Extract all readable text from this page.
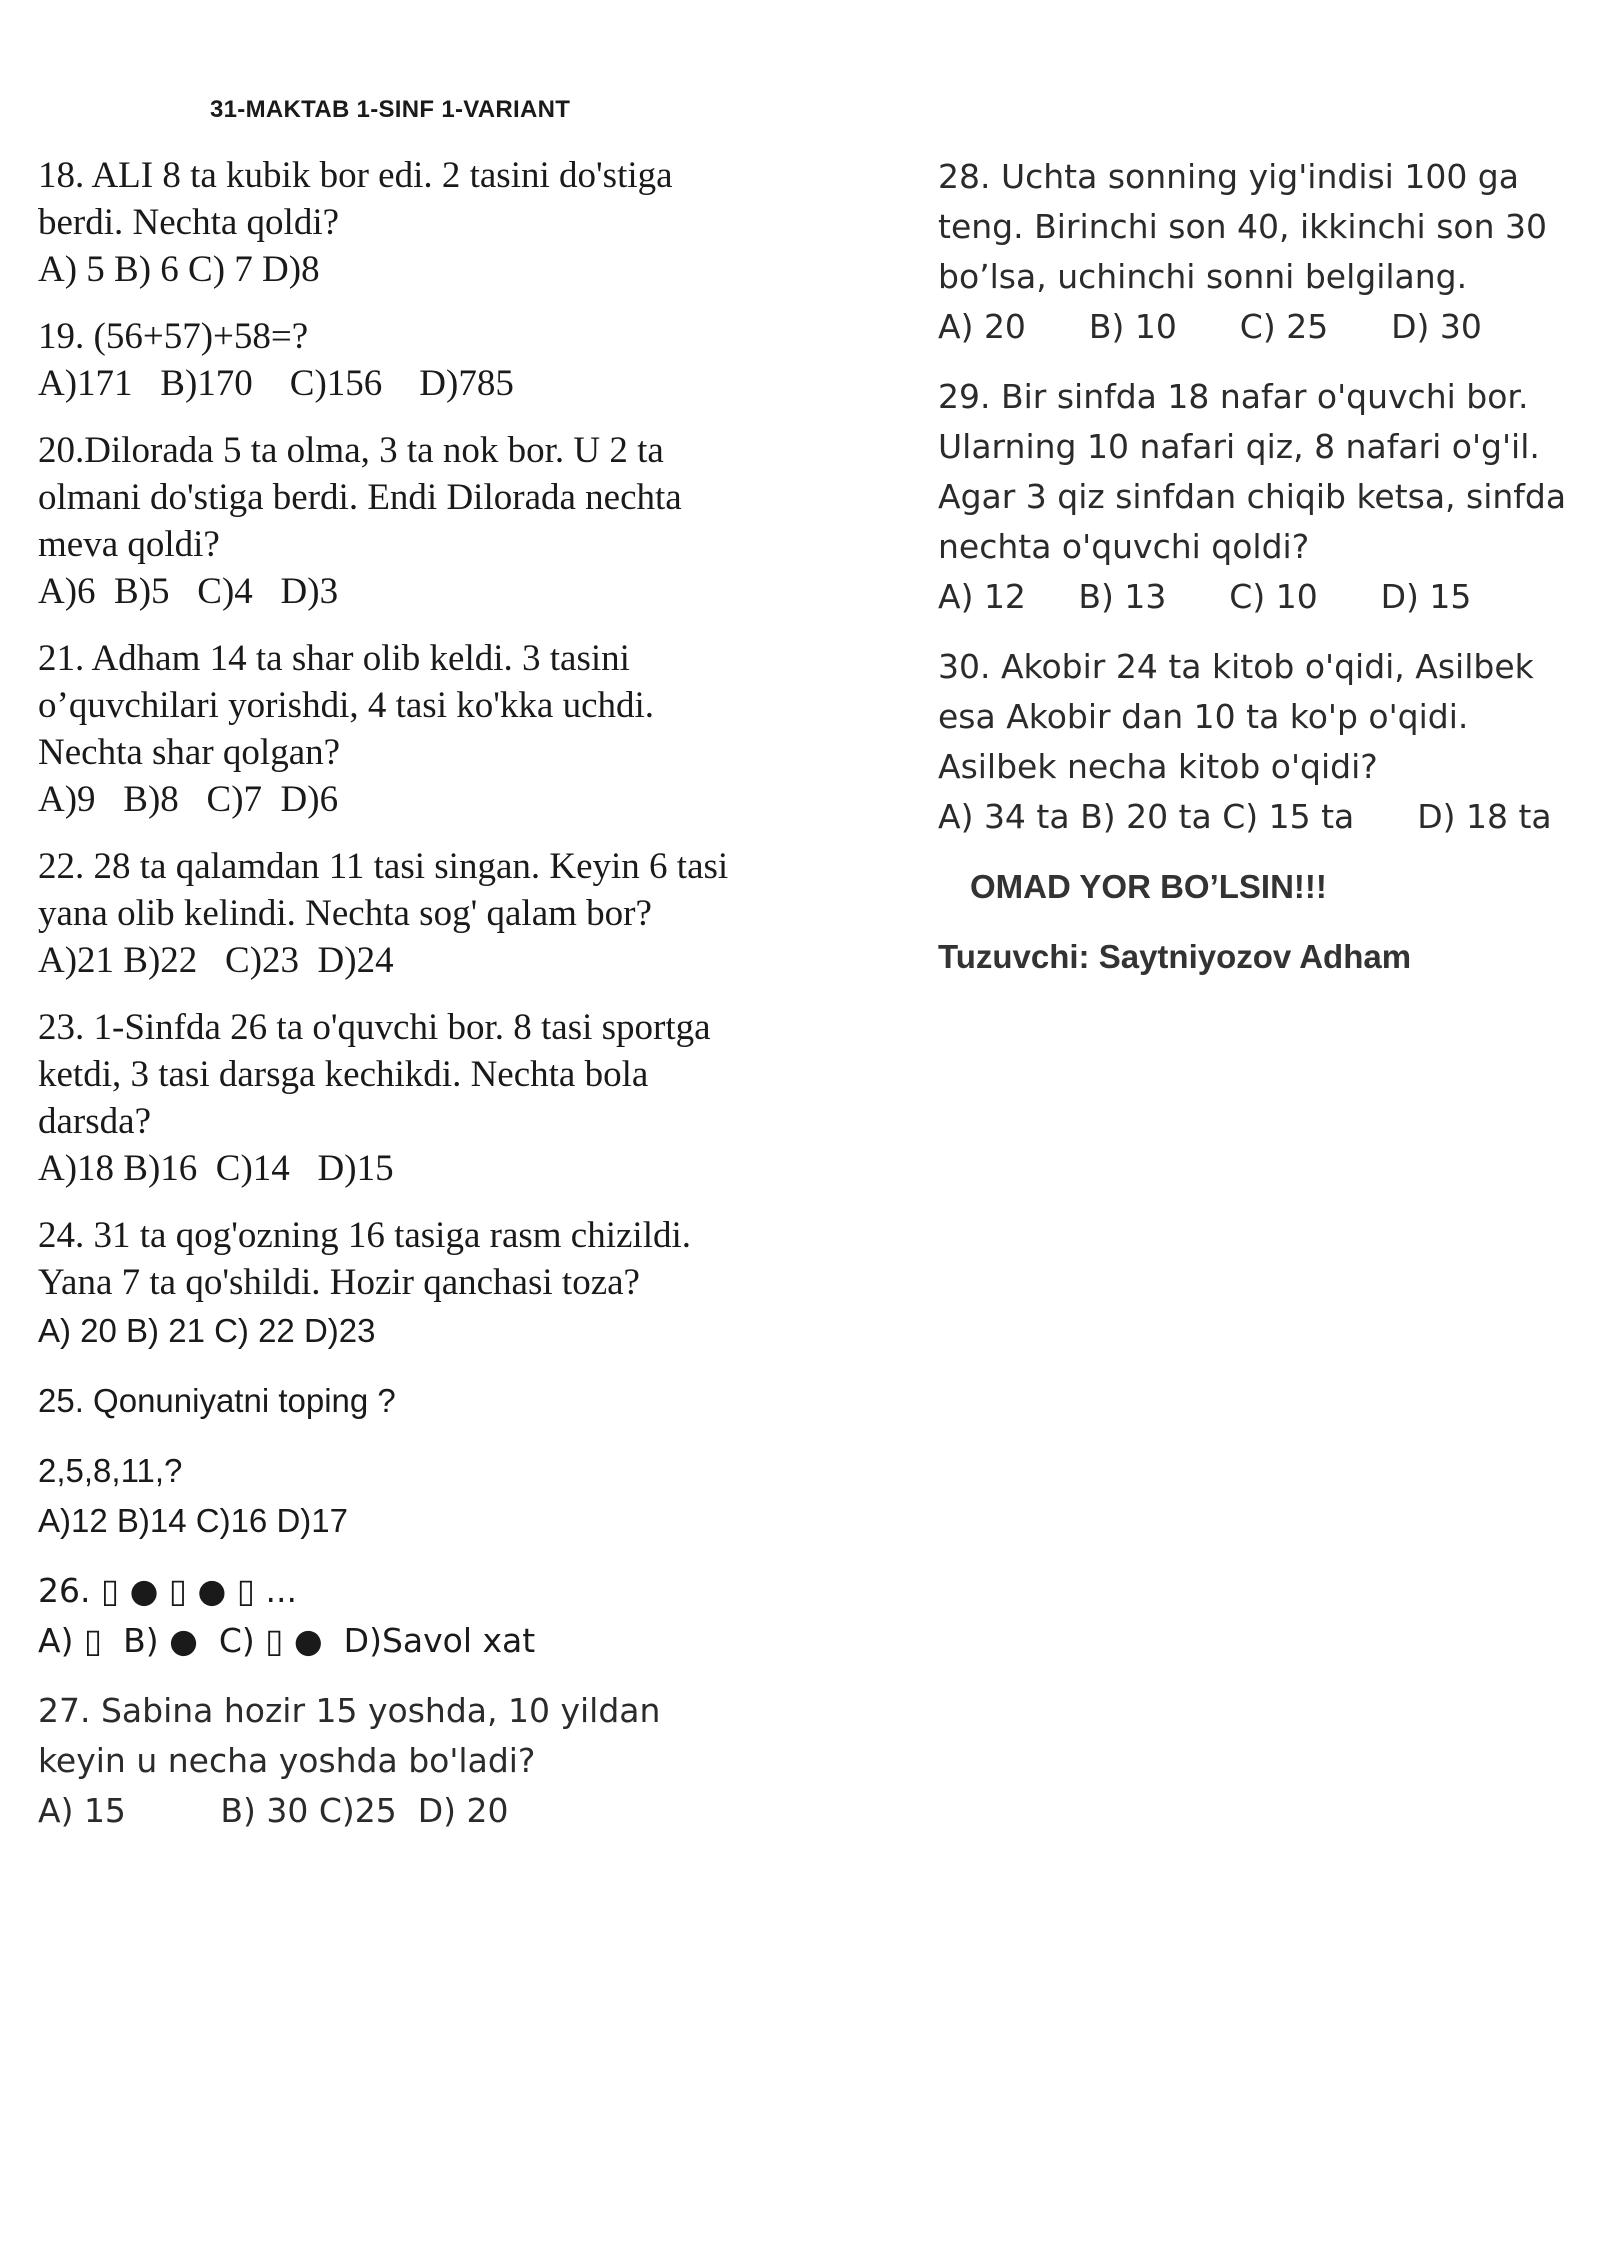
31-MAKTAB 1-SINF 1-VARIANT

18. ALI 8 ta kubik bor edi. 2 tasini do'stiga berdi. Nechta qoldi?

A) 5 B) 6 C) 7 D)8

19. (56+57)+58=?

A)171   B)170    C)156    D)785

20.Dilorada 5 ta olma, 3 ta nok bor. U 2 ta olmani do'stiga berdi. Endi Dilorada nechta meva qoldi?

A)6  B)5   C)4   D)3

21. Adham 14 ta shar olib keldi. 3 tasini o’quvchilari yorishdi, 4 tasi ko'kka uchdi. Nechta shar qolgan?

A)9   B)8   C)7  D)6

22. 28 ta qalamdan 11 tasi singan. Keyin 6 tasi yana olib kelindi. Nechta sog' qalam bor?

A)21 B)22   C)23  D)24

23. 1-Sinfda 26 ta o'quvchi bor. 8 tasi sportga ketdi, 3 tasi darsga kechikdi. Nechta bola darsda?

A)18 B)16  C)14   D)15

24. 31 ta qog'ozning 16 tasiga rasm chizildi. Yana 7 ta qo'shildi. Hozir qanchasi toza?

A) 20 B) 21 C) 22 D)23

25. Qonuniyatni toping ?

2,5,8,11,?

A)12 B)14 C)16 D)17

26. ▯ ● ▯ ● ▯ ...

A) ▯  B) ●  C) ▯ ●  D)Savol xat

27. Sabina hozir 15 yoshda, 10 yildan keyin u necha yoshda bo'ladi?

A) 15         B) 30 C)25  D) 20

28. Uchta sonning yig'indisi 100 ga teng. Birinchi son 40, ikkinchi son 30 bo’lsa, uchinchi sonni belgilang.

A) 20      B) 10      C) 25      D) 30

29. Bir sinfda 18 nafar o'quvchi bor. Ularning 10 nafari qiz, 8 nafari o'g'il. Agar 3 qiz sinfdan chiqib ketsa, sinfda nechta o'quvchi qoldi?

A) 12     B) 13      C) 10      D) 15

30. Akobir 24 ta kitob o'qidi, Asilbek esa Akobir dan 10 ta ko'p o'qidi. Asilbek necha kitob o'qidi?

A) 34 ta B) 20 ta C) 15 ta      D) 18 ta

OMAD YOR BO’LSIN!!!

Tuzuvchi: Saytniyozov Adham
